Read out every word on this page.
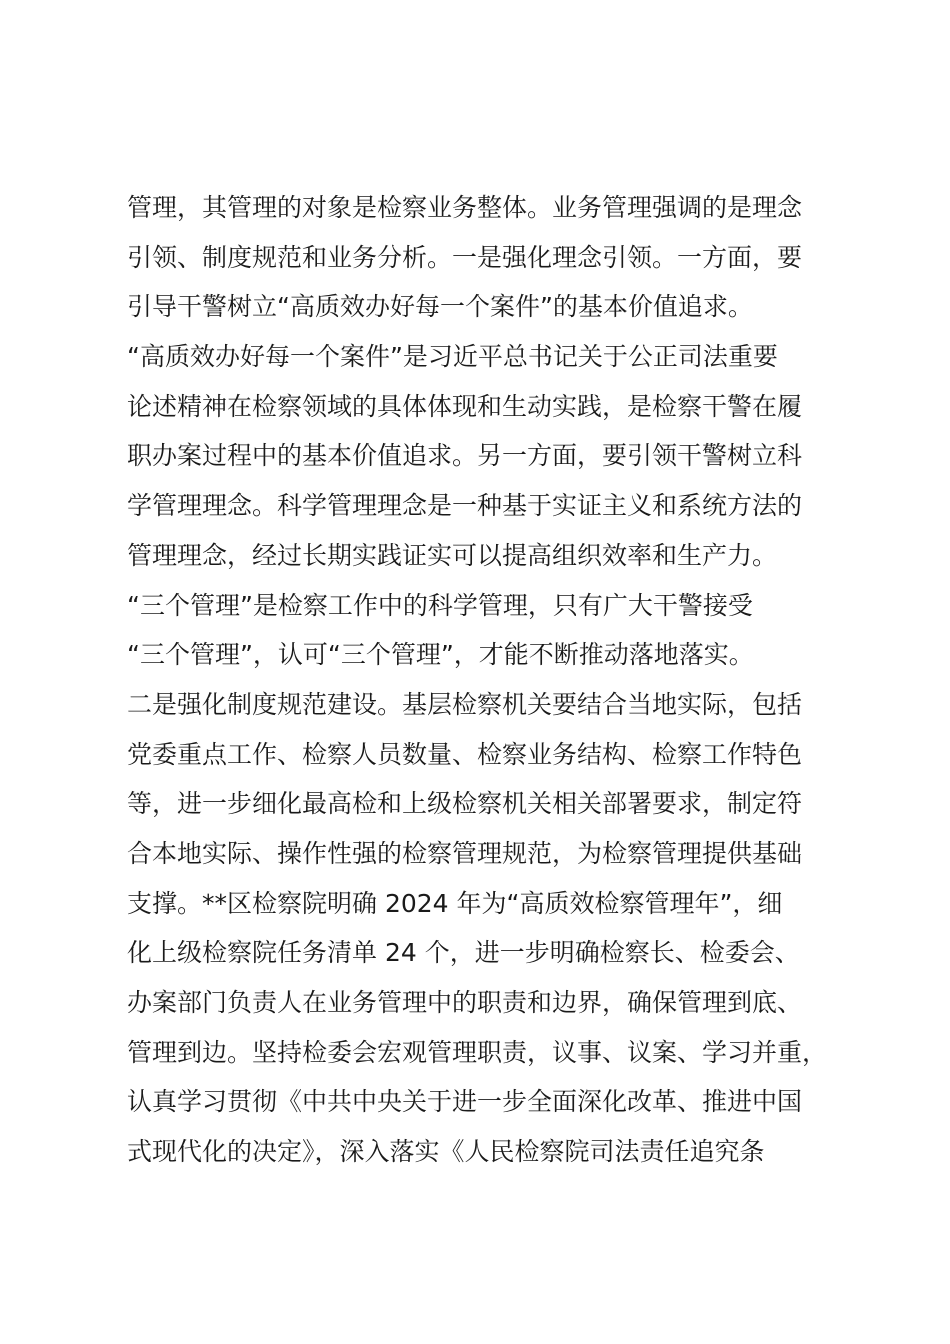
管理，其管理的对象是检察业务整体。业务管理强调的是理念
引领、制度规范和业务分析。一是强化理念引领。一方面，要
引导干警树立“高质效办好每一个案件”的基本价值追求。
“高质效办好每一个案件”是习近平总书记关于公正司法重要
论述精神在检察领域的具体体现和生动实践，是检察干警在履
职办案过程中的基本价值追求。另一方面，要引领干警树立科
学管理理念。科学管理理念是一种基于实证主义和系统方法的
管理理念，经过长期实践证实可以提高组织效率和生产力。
“三个管理”是检察工作中的科学管理，只有广大干警接受
“三个管理”，认可“三个管理”，才能不断推动落地落实。
二是强化制度规范建设。基层检察机关要结合当地实际，包括
党委重点工作、检察人员数量、检察业务结构、检察工作特色
等，进一步细化最高检和上级检察机关相关部署要求，制定符
合本地实际、操作性强的检察管理规范，为检察管理提供基础
支撑。**区检察院明确 2024 年为“高质效检察管理年”，细
化上级检察院任务清单 24 个，进一步明确检察长、检委会、
办案部门负责人在业务管理中的职责和边界，确保管理到底、
管理到边。坚持检委会宏观管理职责，议事、议案、学习并重，
认真学习贯彻《中共中央关于进一步全面深化改革、推进中国
式现代化的决定》，深入落实《人民检察院司法责任追究条
